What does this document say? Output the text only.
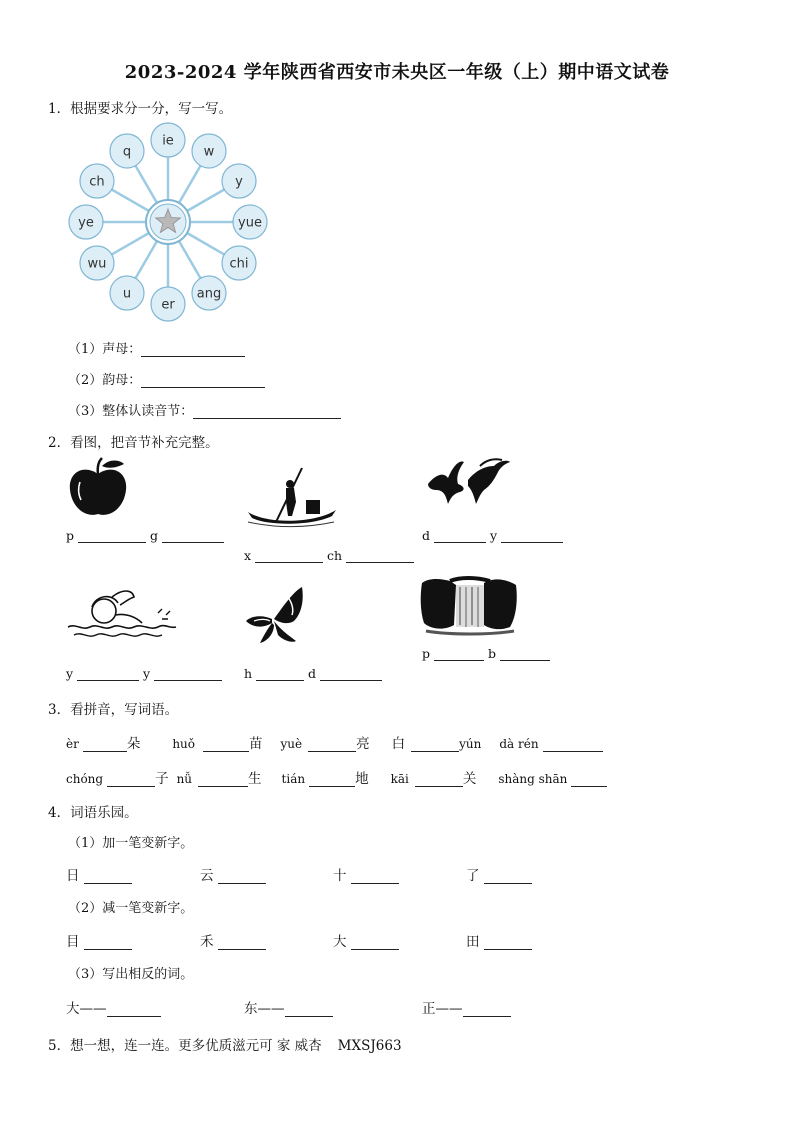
2023-2024 学年陕西省西安市未央区一年级（上）期中语文试卷
1．根据要求分一分，写一写。
ie
w
y
yue
chi
ang
er
u
wu
ye
ch
q
（1）声母：
（2）韵母：
（3）整体认读音节：
2．看图，把音节补充完整。
p	g
x	ch
d	y
y	y	h	d
p	b
3．看拼音，写词语。
èr	朵	huǒ	苗 yuè	亮 白	yún dà rén
chóng	子 nǚ	生 tián	地 kāi	关 shàng shān
4．词语乐园。
（1）加一笔变新字。
日	云	十	了
（2）减一笔变新字。
目	禾	大	田
（3）写出相反的词。
大——	东——	正——
5．想一想，连一连。更多优质滋元可 家 威杏 MXSJ663
